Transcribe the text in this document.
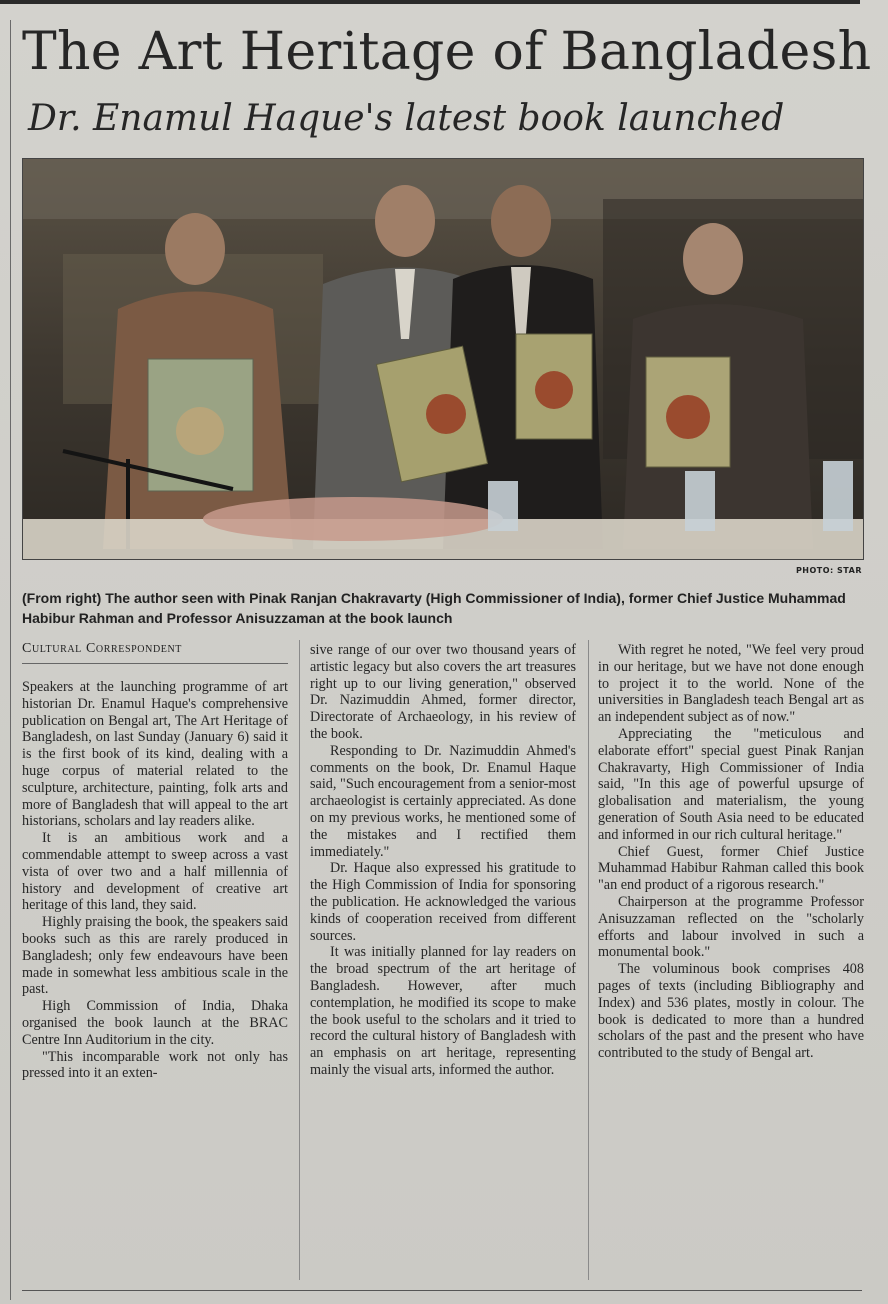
The Art Heritage of Bangladesh
Dr. Enamul Haque's latest book launched
PHOTO: STAR

(From right) The author seen with Pinak Ranjan Chakravarty (High Commissioner of India), former Chief Justice Muhammad Habibur Rahman and Professor Anisuzzaman at the book launch

Cultural Correspondent

Speakers at the launching programme of art historian Dr. Enamul Haque's comprehensive publication on Bengal art, The Art Heritage of Bangladesh, on last Sunday (January 6) said it is the first book of its kind, dealing with a huge corpus of material related to the sculpture, architecture, painting, folk arts and more of Bangladesh that will appeal to the art historians, scholars and lay readers alike.

It is an ambitious work and a commendable attempt to sweep across a vast vista of over two and a half millennia of history and development of creative art heritage of this land, they said.

Highly praising the book, the speakers said books such as this are rarely produced in Bangladesh; only few endeavours have been made in somewhat less ambitious scale in the past.

High Commission of India, Dhaka organised the book launch at the BRAC Centre Inn Auditorium in the city.

"This incomparable work not only has pressed into it an exten-

sive range of our over two thousand years of artistic legacy but also covers the art treasures right up to our living generation," observed Dr. Nazimuddin Ahmed, former director, Directorate of Archaeology, in his review of the book.

Responding to Dr. Nazimuddin Ahmed's comments on the book, Dr. Enamul Haque said, "Such encouragement from a senior-most archaeologist is certainly appreciated. As done on my previous works, he mentioned some of the mistakes and I rectified them immediately."

Dr. Haque also expressed his gratitude to the High Commission of India for sponsoring the publication. He acknowledged the various kinds of cooperation received from different sources.

It was initially planned for lay readers on the broad spectrum of the art heritage of Bangladesh. However, after much contemplation, he modified its scope to make the book useful to the scholars and it tried to record the cultural history of Bangladesh with an emphasis on art heritage, representing mainly the visual arts, informed the author.

With regret he noted, "We feel very proud in our heritage, but we have not done enough to project it to the world. None of the universities in Bangladesh teach Bengal art as an independent subject as of now."

Appreciating the "meticulous and elaborate effort" special guest Pinak Ranjan Chakravarty, High Commissioner of India said, "In this age of powerful upsurge of globalisation and materialism, the young generation of South Asia need to be educated and informed in our rich cultural heritage."

Chief Guest, former Chief Justice Muhammad Habibur Rahman called this book "an end product of a rigorous research."

Chairperson at the programme Professor Anisuzzaman reflected on the "scholarly efforts and labour involved in such a monumental book."

The voluminous book comprises 408 pages of texts (including Bibliography and Index) and 536 plates, mostly in colour. The book is dedicated to more than a hundred scholars of the past and the present who have contributed to the study of Bengal art.
